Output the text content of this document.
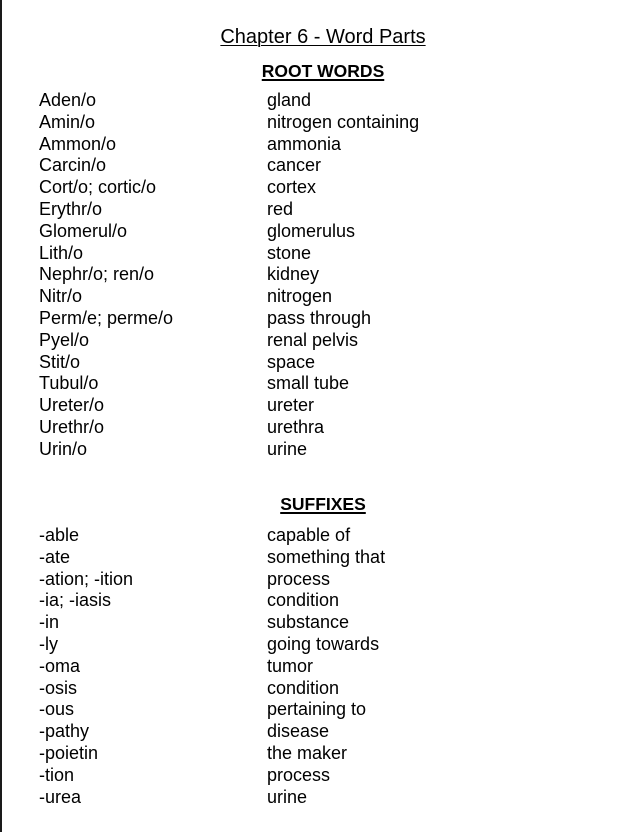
Chapter 6 - Word Parts
ROOT WORDS
Aden/o	gland
Amin/o	nitrogen containing
Ammon/o	ammonia
Carcin/o	cancer
Cort/o; cortic/o	cortex
Erythr/o	red
Glomerul/o	glomerulus
Lith/o	stone
Nephr/o; ren/o	kidney
Nitr/o	nitrogen
Perm/e; perme/o	pass through
Pyel/o	renal pelvis
Stit/o	space
Tubul/o	small tube
Ureter/o	ureter
Urethr/o	urethra
Urin/o	urine
SUFFIXES
-able	capable of
-ate	something that
-ation; -ition	process
-ia; -iasis	condition
-in	substance
-ly	going towards
-oma	tumor
-osis	condition
-ous	pertaining to
-pathy	disease
-poietin	the maker
-tion	process
-urea	urine
